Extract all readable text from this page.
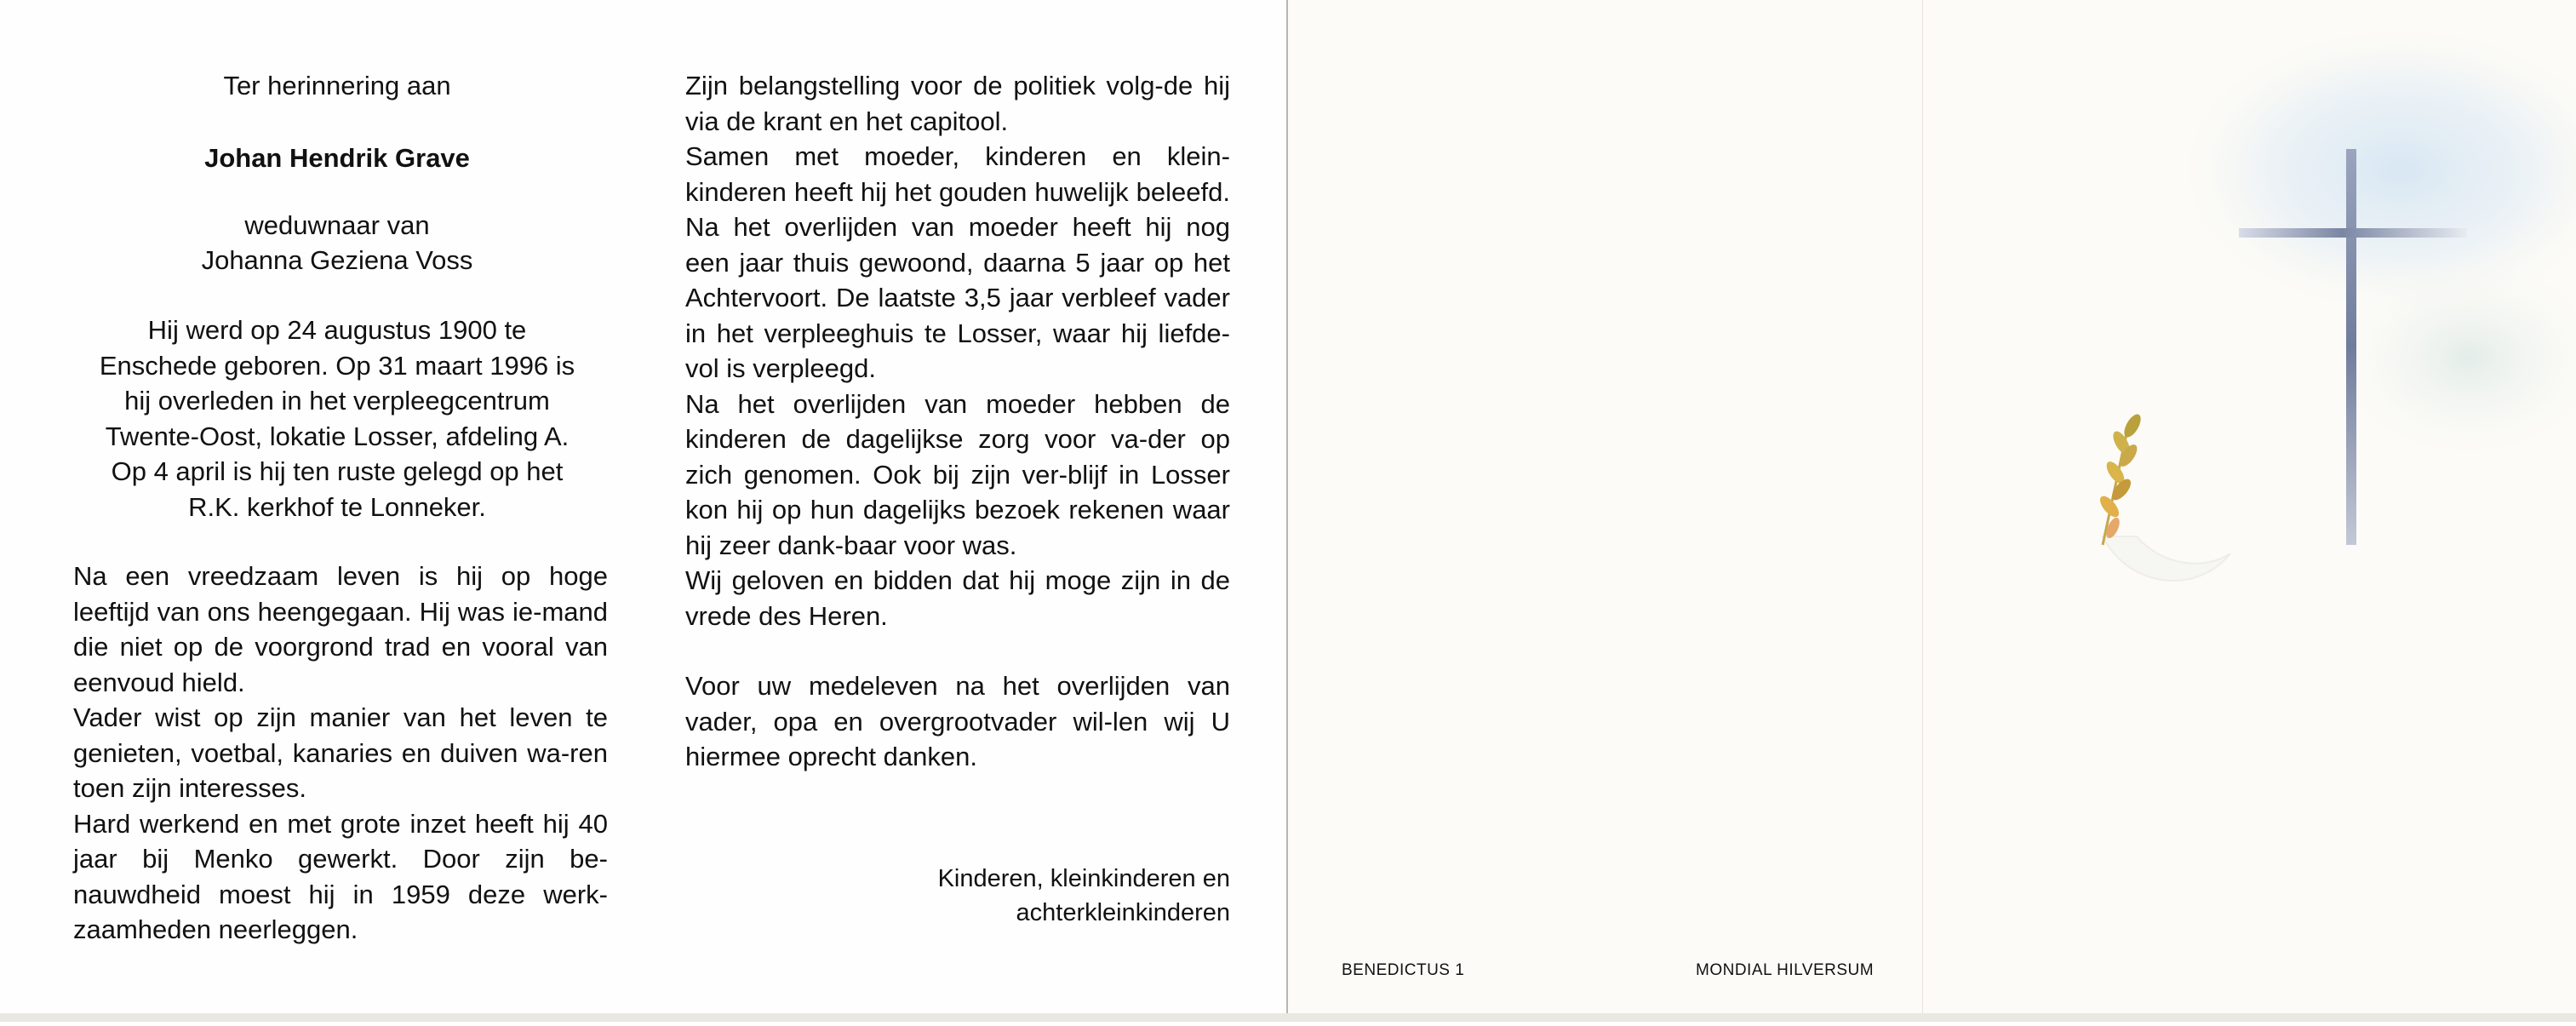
Ter herinnering aan
Johan Hendrik Grave
weduwnaar van
Johanna Geziena Voss
Hij werd op 24 augustus 1900 te
Enschede geboren. Op 31 maart 1996 is
hij overleden in het verpleegcentrum
Twente-Oost, lokatie Losser, afdeling A.
Op 4 april is hij ten ruste gelegd op het
R.K. kerkhof te Lonneker.
Na een vreedzaam leven is hij op hoge leeftijd van ons heengegaan. Hij was ie-mand die niet op de voorgrond trad en vooral van eenvoud hield.
Vader wist op zijn manier van het leven te genieten, voetbal, kanaries en duiven wa-ren toen zijn interesses.
Hard werkend en met grote inzet heeft hij 40 jaar bij Menko gewerkt. Door zijn be-nauwdheid moest hij in 1959 deze werk-zaamheden neerleggen.
Zijn belangstelling voor de politiek volg-de hij via de krant en het capitool.
Samen met moeder, kinderen en klein-kinderen heeft hij het gouden huwelijk beleefd. Na het overlijden van moeder heeft hij nog een jaar thuis gewoond, daarna 5 jaar op het Achtervoort. De laatste 3,5 jaar verbleef vader in het verpleeghuis te Losser, waar hij liefde-vol is verpleegd.
Na het overlijden van moeder hebben de kinderen de dagelijkse zorg voor va-der op zich genomen. Ook bij zijn ver-blijf in Losser kon hij op hun dagelijks bezoek rekenen waar hij zeer dank-baar voor was.
Wij geloven en bidden dat hij moge zijn in de vrede des Heren.
Voor uw medeleven na het overlijden van vader, opa en overgrootvader wil-len wij U hiermee oprecht danken.
Kinderen, kleinkinderen en
achterkleinkinderen
BENEDICTUS 1	MONDIAL HILVERSUM
